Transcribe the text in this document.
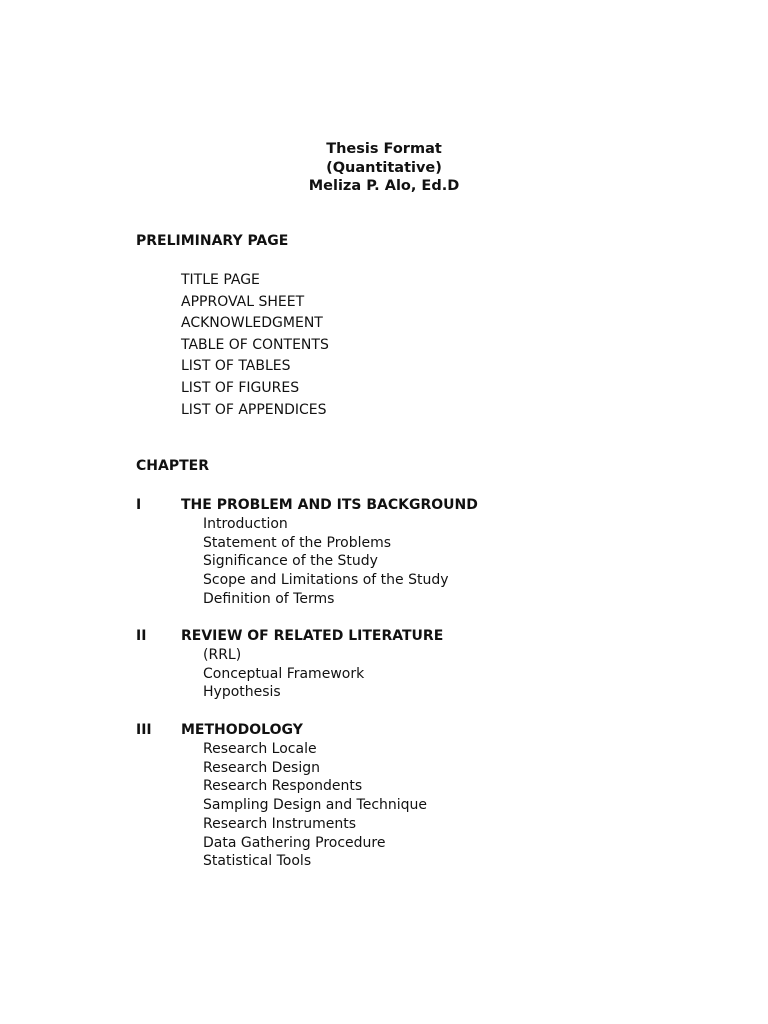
Thesis Format
(Quantitative)
Meliza P. Alo, Ed.D
PRELIMINARY PAGE
TITLE PAGE
APPROVAL SHEET
ACKNOWLEDGMENT
TABLE OF CONTENTS
LIST OF TABLES
LIST OF FIGURES
LIST OF APPENDICES
CHAPTER
I	THE PROBLEM AND ITS BACKGROUND
Introduction
Statement of the Problems
Significance of the Study
Scope and Limitations of the Study
Definition of Terms
II	REVIEW OF RELATED LITERATURE
(RRL)
Conceptual Framework
Hypothesis
III	METHODOLOGY
Research Locale
Research Design
Research Respondents
Sampling Design and Technique
Research Instruments
Data Gathering Procedure
Statistical Tools
